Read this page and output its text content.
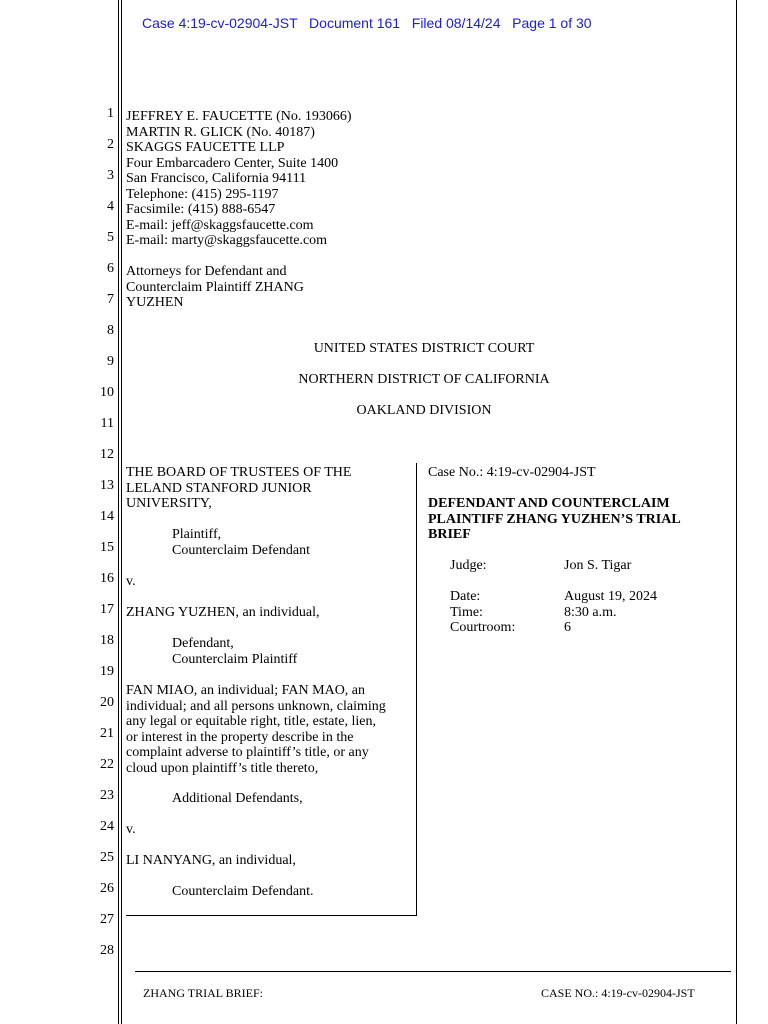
Case 4:19-cv-02904-JST   Document 161   Filed 08/14/24   Page 1 of 30
1
2
3
4
5
6
7
8
9
10
11
12
13
14
15
16
17
18
19
20
21
22
23
24
25
26
27
28
JEFFREY E. FAUCETTE (No. 193066)
MARTIN R. GLICK (No. 40187)
SKAGGS FAUCETTE LLP
Four Embarcadero Center, Suite 1400
San Francisco, California 94111
Telephone: (415) 295-1197
Facsimile: (415) 888-6547
E-mail: jeff@skaggsfaucette.com
E-mail: marty@skaggsfaucette.com
Attorneys for Defendant and
Counterclaim Plaintiff ZHANG
YUZHEN
UNITED STATES DISTRICT COURT
NORTHERN DISTRICT OF CALIFORNIA
OAKLAND DIVISION
THE BOARD OF TRUSTEES OF THE
LELAND STANFORD JUNIOR
UNIVERSITY,
Plaintiff,
Counterclaim Defendant
v.
ZHANG YUZHEN, an individual,
Defendant,
Counterclaim Plaintiff
FAN MIAO, an individual; FAN MAO, an
individual; and all persons unknown, claiming
any legal or equitable right, title, estate, lien,
or interest in the property describe in the
complaint adverse to plaintiff’s title, or any
cloud upon plaintiff’s title thereto,
Additional Defendants,
v.
LI NANYANG, an individual,
Counterclaim Defendant.
Case No.: 4:19-cv-02904-JST
DEFENDANT AND COUNTERCLAIM
PLAINTIFF ZHANG YUZHEN’S TRIAL
BRIEF
Judge:	Jon S. Tigar
Date:	August 19, 2024
Time:	8:30 a.m.
Courtroom:	6
ZHANG TRIAL BRIEF:	CASE NO.: 4:19-cv-02904-JST
